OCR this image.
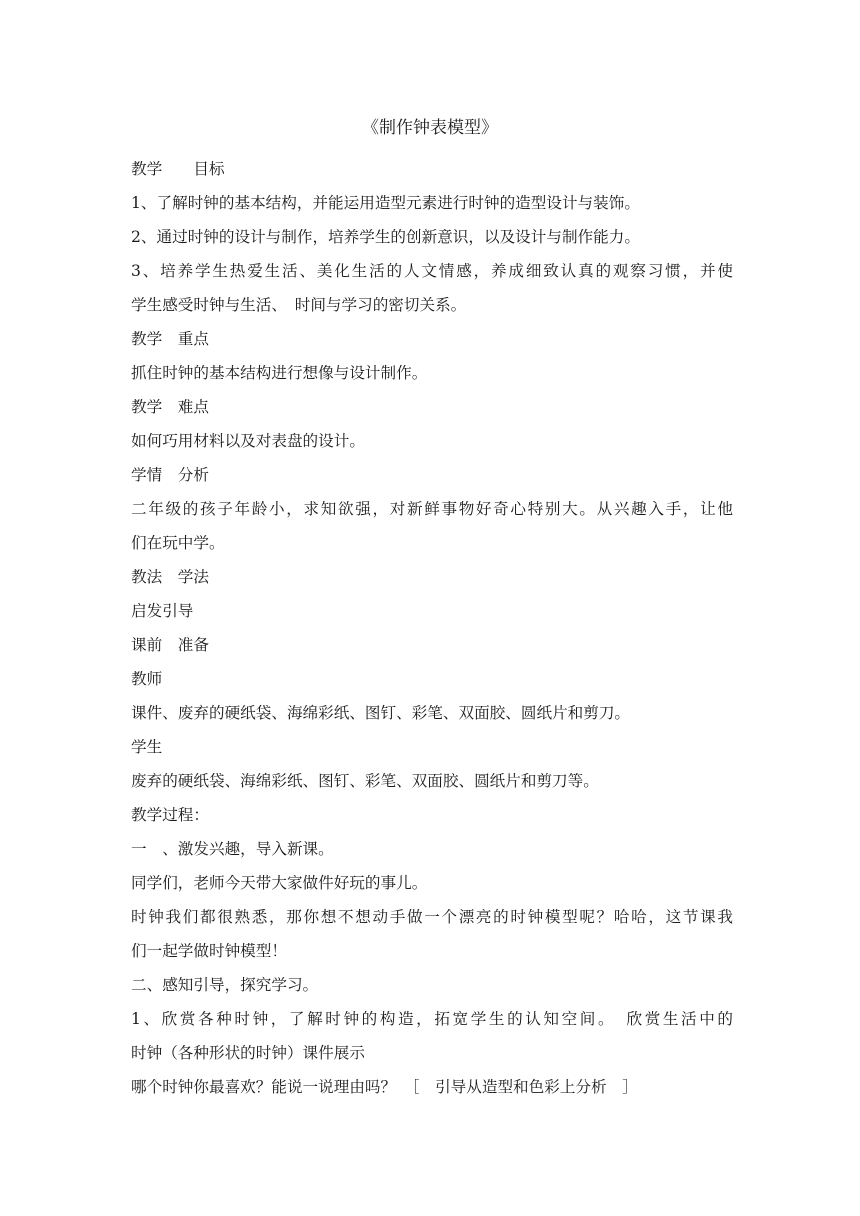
《制作钟表模型》
教学　　目标
1、了解时钟的基本结构，并能运用造型元素进行时钟的造型设计与装饰。
2、通过时钟的设计与制作，培养学生的创新意识，以及设计与制作能力。
3、培养学生热爱生活、美化生活的人文情感，养成细致认真的观察习惯，并使
学生感受时钟与生活、　时间与学习的密切关系。
教学　重点
抓住时钟的基本结构进行想像与设计制作。
教学　难点
如何巧用材料以及对表盘的设计。
学情　分析
二年级的孩子年龄小，求知欲强，对新鲜事物好奇心特别大。从兴趣入手，让他
们在玩中学。
教法　学法
启发引导
课前　准备
教师
课件、废弃的硬纸袋、海绵彩纸、图钉、彩笔、双面胶、圆纸片和剪刀。
学生
废弃的硬纸袋、海绵彩纸、图钉、彩笔、双面胶、圆纸片和剪刀等。
教学过程：
一　、激发兴趣，导入新课。
同学们，老师今天带大家做件好玩的事儿。
时钟我们都很熟悉，那你想不想动手做一个漂亮的时钟模型呢？哈哈，这节课我
们一起学做时钟模型！
二、感知引导，探究学习。
1、欣赏各种时钟，了解时钟的构造，拓宽学生的认知空间。　欣赏生活中的
时钟（各种形状的时钟）课件展示
哪个时钟你最喜欢？能说一说理由吗？　［　引导从造型和色彩上分析　］
